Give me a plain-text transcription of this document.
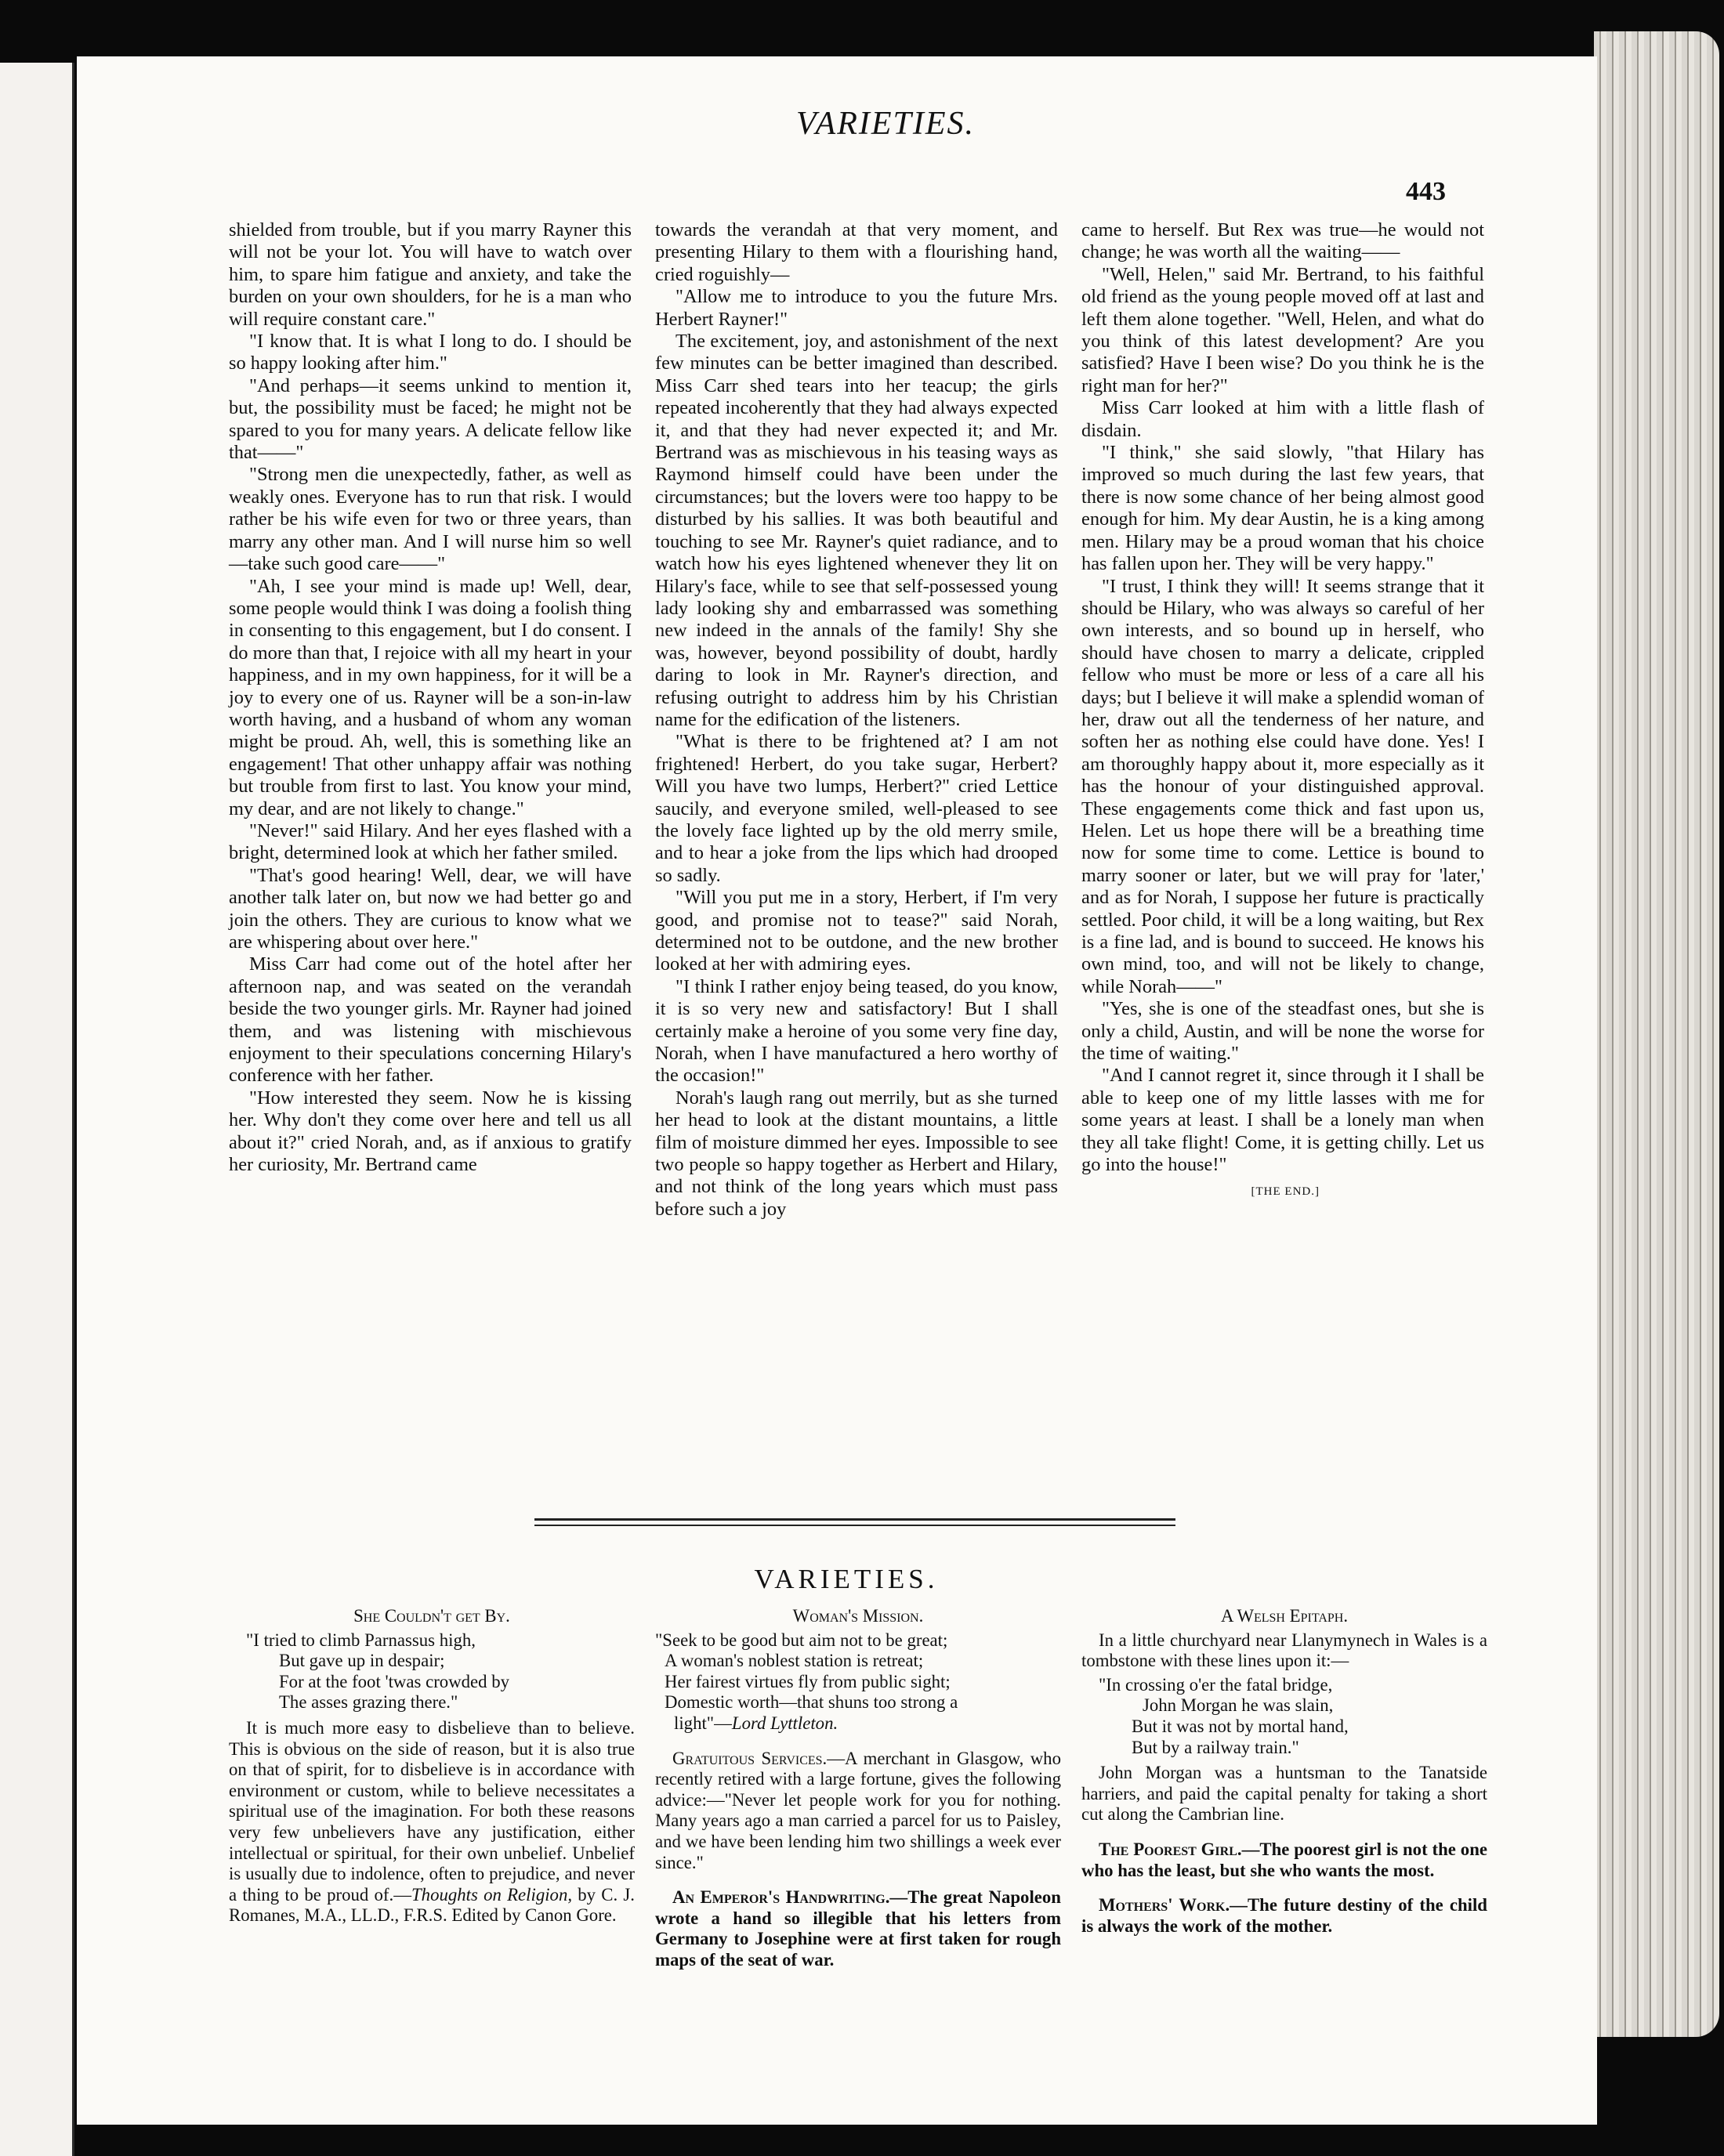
VARIETIES.
443

shielded from trouble, but if you marry Rayner this will not be your lot. You will have to watch over him, to spare him fatigue and anxiety, and take the burden on your own shoulders, for he is a man who will require constant care."

"I know that. It is what I long to do. I should be so happy looking after him."

"And perhaps—it seems unkind to mention it, but, the possibility must be faced; he might not be spared to you for many years. A delicate fellow like that——"

"Strong men die unexpectedly, father, as well as weakly ones. Everyone has to run that risk. I would rather be his wife even for two or three years, than marry any other man. And I will nurse him so well—take such good care——"

"Ah, I see your mind is made up! Well, dear, some people would think I was doing a foolish thing in consenting to this engagement, but I do consent. I do more than that, I rejoice with all my heart in your happiness, and in my own happiness, for it will be a joy to every one of us. Rayner will be a son-in-law worth having, and a husband of whom any woman might be proud. Ah, well, this is something like an engagement! That other unhappy affair was nothing but trouble from first to last. You know your mind, my dear, and are not likely to change."

"Never!" said Hilary. And her eyes flashed with a bright, determined look at which her father smiled.

"That's good hearing! Well, dear, we will have another talk later on, but now we had better go and join the others. They are curious to know what we are whispering about over here."

Miss Carr had come out of the hotel after her afternoon nap, and was seated on the verandah beside the two younger girls. Mr. Rayner had joined them, and was listening with mischievous enjoyment to their speculations concerning Hilary's conference with her father.

"How interested they seem. Now he is kissing her. Why don't they come over here and tell us all about it?" cried Norah, and, as if anxious to gratify her curiosity, Mr. Bertrand came

towards the verandah at that very moment, and presenting Hilary to them with a flourishing hand, cried roguishly—

"Allow me to introduce to you the future Mrs. Herbert Rayner!"

The excitement, joy, and astonishment of the next few minutes can be better imagined than described. Miss Carr shed tears into her teacup; the girls repeated incoherently that they had always expected it, and that they had never expected it; and Mr. Bertrand was as mischievous in his teasing ways as Raymond himself could have been under the circumstances; but the lovers were too happy to be disturbed by his sallies. It was both beautiful and touching to see Mr. Rayner's quiet radiance, and to watch how his eyes lightened whenever they lit on Hilary's face, while to see that self-possessed young lady looking shy and embarrassed was something new indeed in the annals of the family! Shy she was, however, beyond possibility of doubt, hardly daring to look in Mr. Rayner's direction, and refusing outright to address him by his Christian name for the edification of the listeners.

"What is there to be frightened at? I am not frightened! Herbert, do you take sugar, Herbert? Will you have two lumps, Herbert?" cried Lettice saucily, and everyone smiled, well-pleased to see the lovely face lighted up by the old merry smile, and to hear a joke from the lips which had drooped so sadly.

"Will you put me in a story, Herbert, if I'm very good, and promise not to tease?" said Norah, determined not to be outdone, and the new brother looked at her with admiring eyes.

"I think I rather enjoy being teased, do you know, it is so very new and satisfactory! But I shall certainly make a heroine of you some very fine day, Norah, when I have manufactured a hero worthy of the occasion!"

Norah's laugh rang out merrily, but as she turned her head to look at the distant mountains, a little film of moisture dimmed her eyes. Impossible to see two people so happy together as Herbert and Hilary, and not think of the long years which must pass before such a joy

came to herself. But Rex was true—he would not change; he was worth all the waiting——

"Well, Helen," said Mr. Bertrand, to his faithful old friend as the young people moved off at last and left them alone together. "Well, Helen, and what do you think of this latest development? Are you satisfied? Have I been wise? Do you think he is the right man for her?"

Miss Carr looked at him with a little flash of disdain.

"I think," she said slowly, "that Hilary has improved so much during the last few years, that there is now some chance of her being almost good enough for him. My dear Austin, he is a king among men. Hilary may be a proud woman that his choice has fallen upon her. They will be very happy."

"I trust, I think they will! It seems strange that it should be Hilary, who was always so careful of her own interests, and so bound up in herself, who should have chosen to marry a delicate, crippled fellow who must be more or less of a care all his days; but I believe it will make a splendid woman of her, draw out all the tenderness of her nature, and soften her as nothing else could have done. Yes! I am thoroughly happy about it, more especially as it has the honour of your distinguished approval. These engagements come thick and fast upon us, Helen. Let us hope there will be a breathing time now for some time to come. Lettice is bound to marry sooner or later, but we will pray for 'later,' and as for Norah, I suppose her future is practically settled. Poor child, it will be a long waiting, but Rex is a fine lad, and is bound to succeed. He knows his own mind, too, and will not be likely to change, while Norah——"

"Yes, she is one of the steadfast ones, but she is only a child, Austin, and will be none the worse for the time of waiting."

"And I cannot regret it, since through it I shall be able to keep one of my little lasses with me for some years at least. I shall be a lonely man when they all take flight! Come, it is getting chilly. Let us go into the house!"

[THE END.]
VARIETIES.
She Couldn't get By.
"I tried to climb Parnassus high,
But gave up in despair;
For at the foot 'twas crowded by
The asses grazing there."

It is much more easy to disbelieve than to believe. This is obvious on the side of reason, but it is also true on that of spirit, for to disbelieve is in accordance with environment or custom, while to believe necessitates a spiritual use of the imagination. For both these reasons very few unbelievers have any justification, either intellectual or spiritual, for their own unbelief. Unbelief is usually due to indolence, often to prejudice, and never a thing to be proud of.—Thoughts on Religion, by C. J. Romanes, M.A., LL.D., F.R.S. Edited by Canon Gore.

Woman's Mission.
"Seek to be good but aim not to be great;
A woman's noblest station is retreat;
Her fairest virtues fly from public sight;
Domestic worth—that shuns too strong a
light"—Lord Lyttleton.

Gratuitous Services.—A merchant in Glasgow, who recently retired with a large fortune, gives the following advice:—"Never let people work for you for nothing. Many years ago a man carried a parcel for us to Paisley, and we have been lending him two shillings a week ever since."

An Emperor's Handwriting.—The great Napoleon wrote a hand so illegible that his letters from Germany to Josephine were at first taken for rough maps of the seat of war.

A Welsh Epitaph.

In a little churchyard near Llanymynech in Wales is a tombstone with these lines upon it:—

"In crossing o'er the fatal bridge,
John Morgan he was slain,
But it was not by mortal hand,
But by a railway train."

John Morgan was a huntsman to the Tanatside harriers, and paid the capital penalty for taking a short cut along the Cambrian line.

The Poorest Girl.—The poorest girl is not the one who has the least, but she who wants the most.

Mothers' Work.—The future destiny of the child is always the work of the mother.
